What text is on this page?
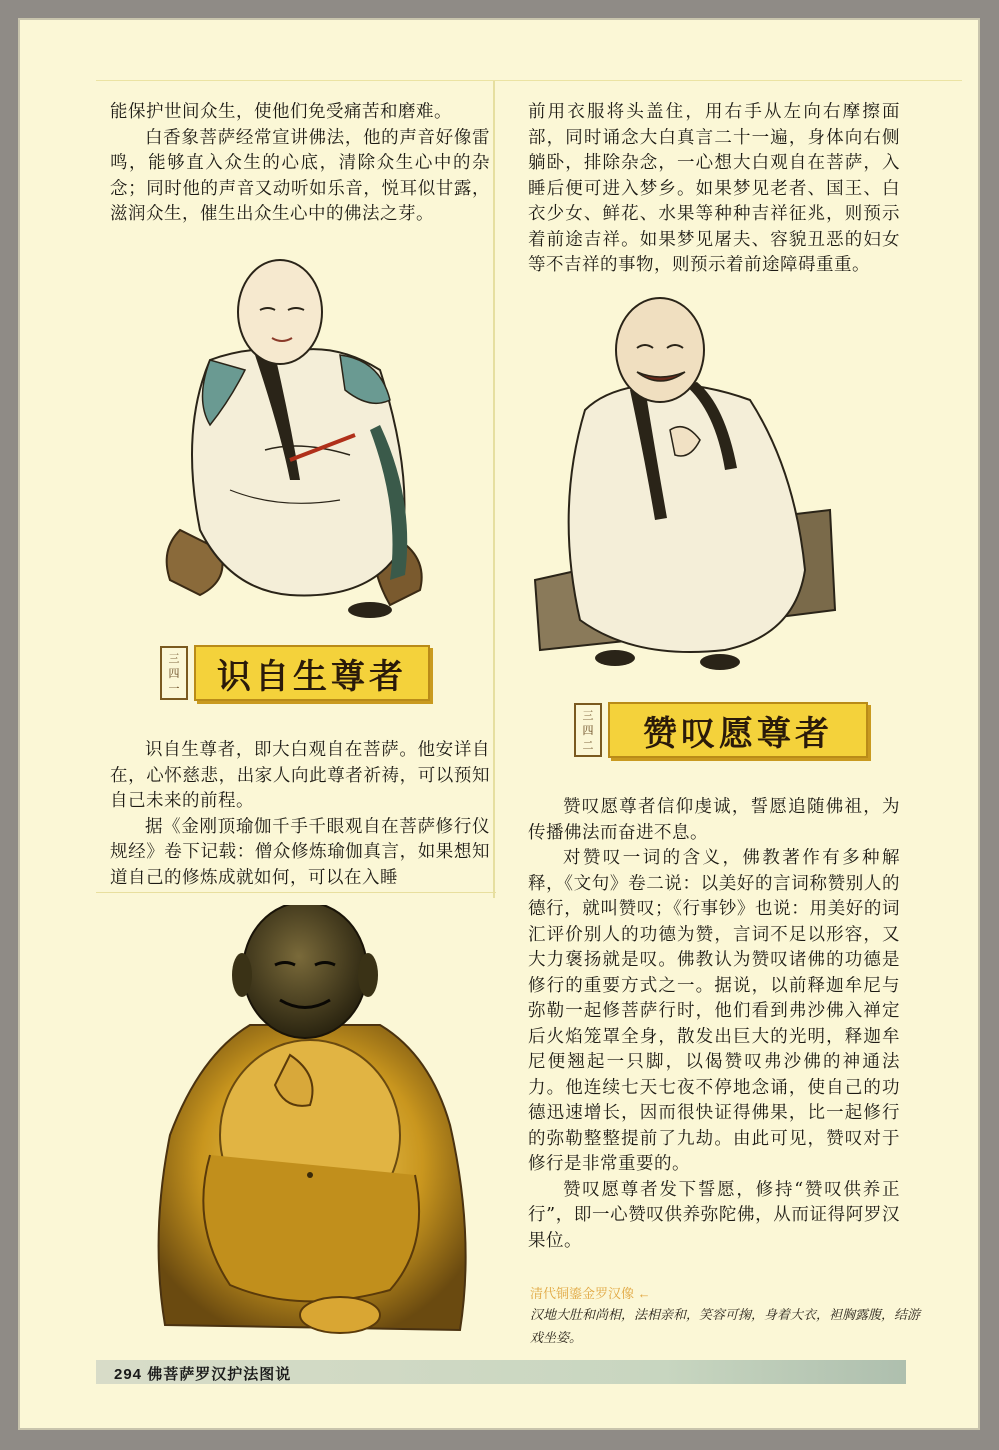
能保护世间众生，使他们免受痛苦和磨难。

白香象菩萨经常宣讲佛法，他的声音好像雷鸣，能够直入众生的心底，清除众生心中的杂念；同时他的声音又动听如乐音，悦耳似甘露，滋润众生，催生出众生心中的佛法之芽。

前用衣服将头盖住，用右手从左向右摩擦面部，同时诵念大白真言二十一遍，身体向右侧躺卧，排除杂念，一心想大白观自在菩萨，入睡后便可进入梦乡。如果梦见老者、国王、白衣少女、鲜花、水果等种种吉祥征兆，则预示着前途吉祥。如果梦见屠夫、容貌丑恶的妇女等不吉祥的事物，则预示着前途障碍重重。

三
四
一	识自生尊者

识自生尊者，即大白观自在菩萨。他安详自在，心怀慈悲，出家人向此尊者祈祷，可以预知自己未来的前程。

据《金刚顶瑜伽千手千眼观自在菩萨修行仪规经》卷下记载：僧众修炼瑜伽真言，如果想知道自己的修炼成就如何，可以在入睡

三
四
二	赞叹愿尊者

赞叹愿尊者信仰虔诚，誓愿追随佛祖，为传播佛法而奋进不息。

对赞叹一词的含义，佛教著作有多种解释，《文句》卷二说：以美好的言词称赞别人的德行，就叫赞叹；《行事钞》也说：用美好的词汇评价别人的功德为赞，言词不足以形容，又大力褒扬就是叹。佛教认为赞叹诸佛的功德是修行的重要方式之一。据说，以前释迦牟尼与弥勒一起修菩萨行时，他们看到弗沙佛入禅定后火焰笼罩全身，散发出巨大的光明，释迦牟尼便翘起一只脚，以偈赞叹弗沙佛的神通法力。他连续七天七夜不停地念诵，使自己的功德迅速增长，因而很快证得佛果，比一起修行的弥勒整整提前了九劫。由此可见，赞叹对于修行是非常重要的。

赞叹愿尊者发下誓愿，修持“赞叹供养正行”，即一心赞叹供养弥陀佛，从而证得阿罗汉果位。

清代铜鎏金罗汉像 ←
汉地大肚和尚相，法相亲和，笑容可掬，身着大衣，袒胸露腹，结游戏坐姿。
294 佛菩萨罗汉护法图说
